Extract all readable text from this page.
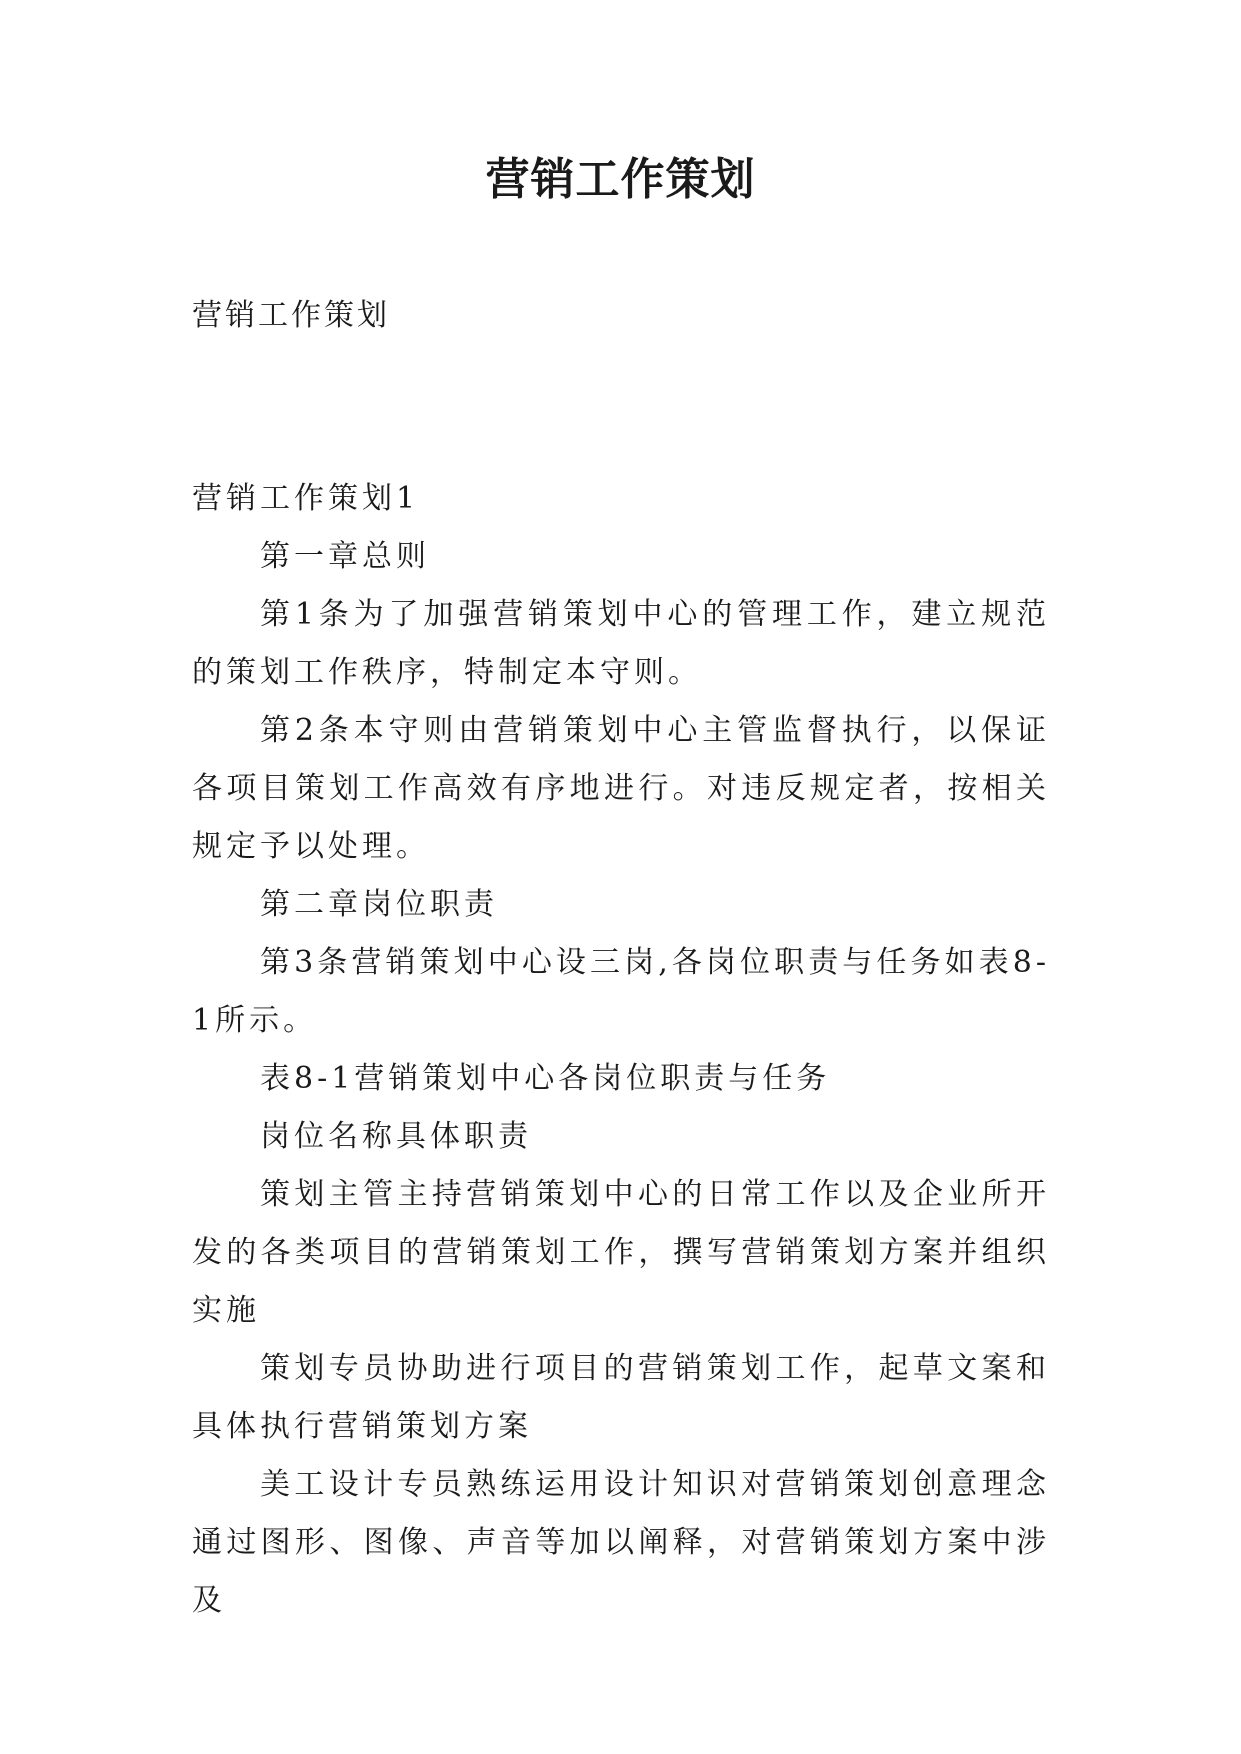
营销工作策划

营销工作策划

营销工作策划1

第一章总则

第1条为了加强营销策划中心的管理工作，建立规范的策划工作秩序，特制定本守则。

第2条本守则由营销策划中心主管监督执行，以保证各项目策划工作高效有序地进行。对违反规定者，按相关规定予以处理。

第二章岗位职责

第3条营销策划中心设三岗,各岗位职责与任务如表8-1所示。

表8-1营销策划中心各岗位职责与任务

岗位名称具体职责

策划主管主持营销策划中心的日常工作以及企业所开发的各类项目的营销策划工作，撰写营销策划方案并组织实施

策划专员协助进行项目的营销策划工作，起草文案和具体执行营销策划方案

美工设计专员熟练运用设计知识对营销策划创意理念通过图形、图像、声音等加以阐释，对营销策划方案中涉及
